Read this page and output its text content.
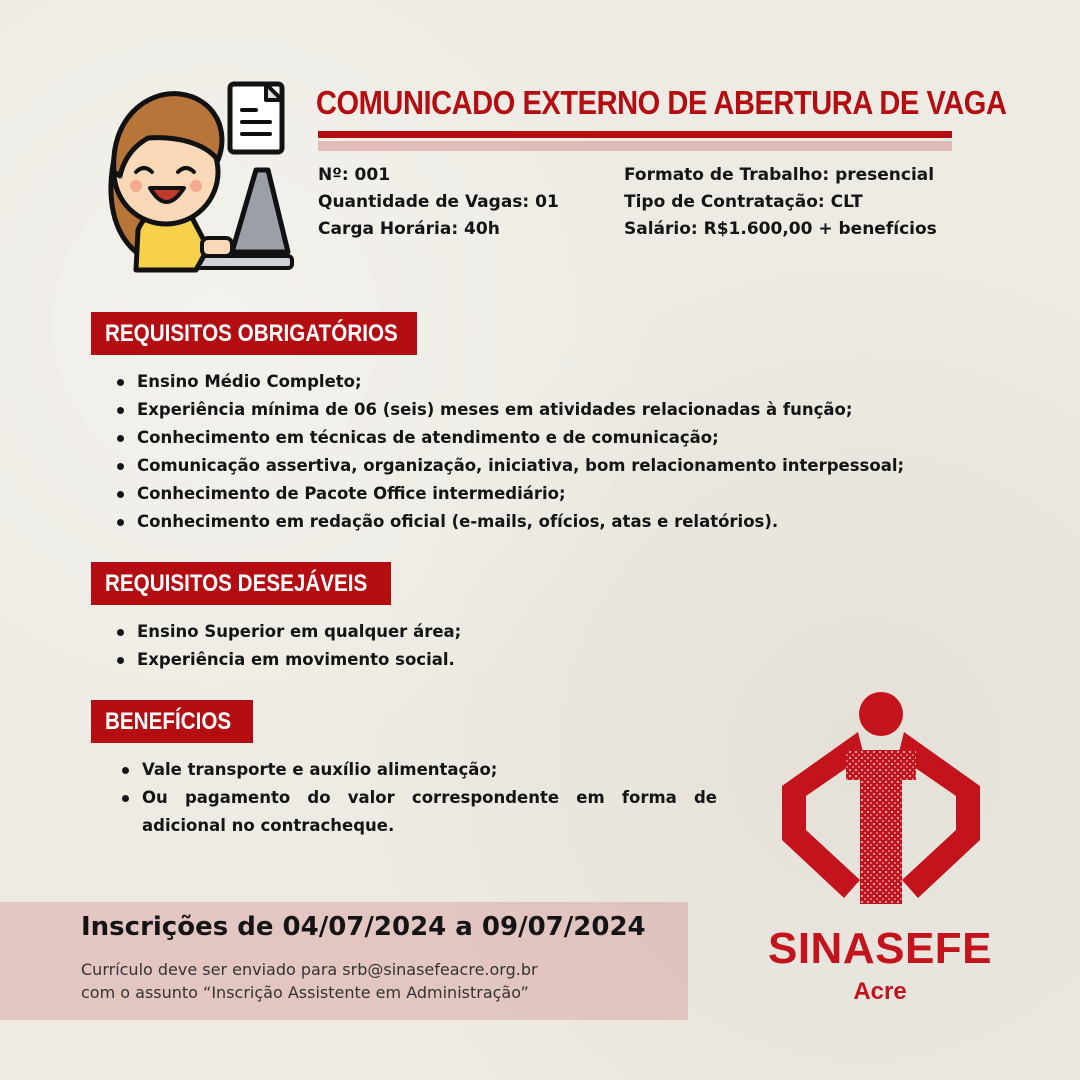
COMUNICADO EXTERNO DE ABERTURA DE VAGA
Nº: 001
Quantidade de Vagas: 01
Carga Horária: 40h
Formato de Trabalho: presencial
Tipo de Contratação: CLT
Salário: R$1.600,00 + benefícios
REQUISITOS OBRIGATÓRIOS
Ensino Médio Completo;
Experiência mínima de 06 (seis) meses em atividades relacionadas à função;
Conhecimento em técnicas de atendimento e de comunicação;
Comunicação assertiva, organização, iniciativa, bom relacionamento interpessoal;
Conhecimento de Pacote Office intermediário;
Conhecimento em redação oficial (e-mails, ofícios, atas e relatórios).
REQUISITOS DESEJÁVEIS
Ensino Superior em qualquer área;
Experiência em movimento social.
BENEFÍCIOS
Vale transporte e auxílio alimentação;
Ou pagamento do valor correspondente em forma de adicional no contracheque.
Inscrições de 04/07/2024 a 09/07/2024
Currículo deve ser enviado para srb@sinasefeacre.org.br
com o assunto “Inscrição Assistente em Administração”
SINASEFE
Acre
